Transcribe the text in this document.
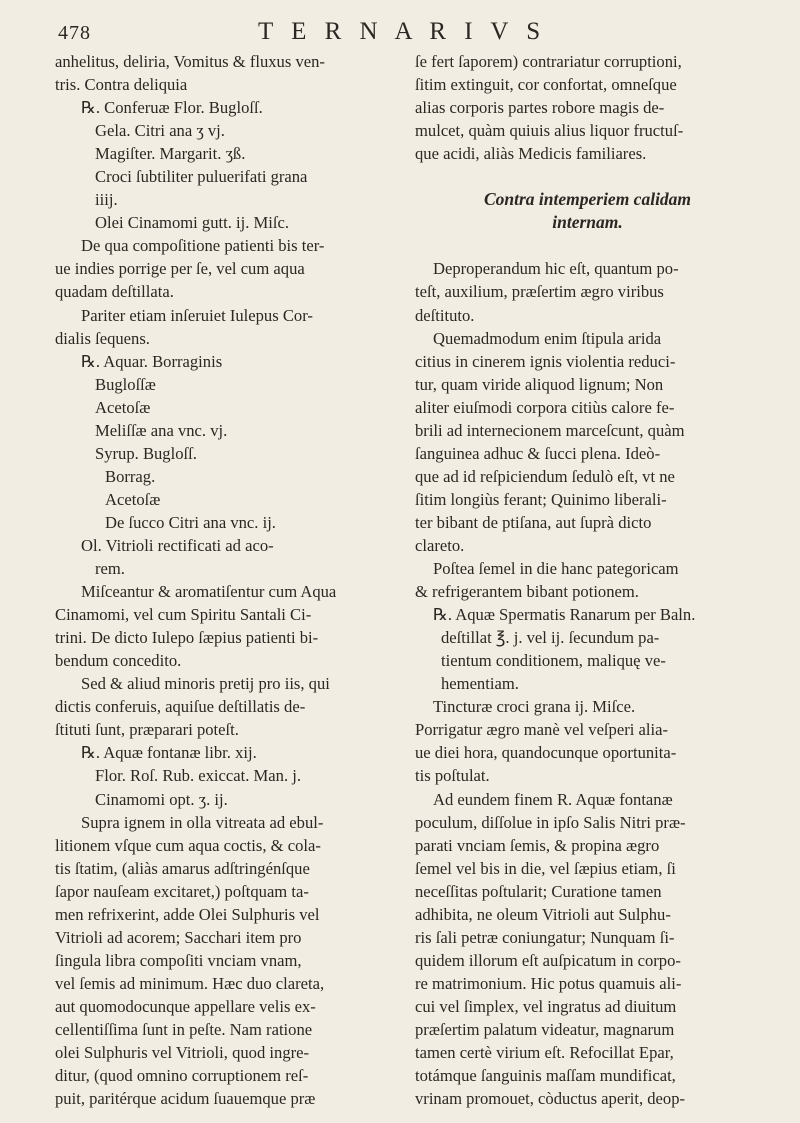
478	T E R N A R I V S
anhelitus, deliria, Vomitus & fluxus ven-
tris. Contra deliquia
℞. Conferuæ Flor. Bugloſſ.
Gela. Citri ana ʒ vj.
Magiſter. Margarit. ʒß.
Croci ſubtiliter puluerifati grana
iiij.
Olei Cinamomi gutt. ij. Miſc.
De qua compoſitione patienti bis ter-
ue indies porrige per ſe, vel cum aqua
quadam deſtillata.
Pariter etiam inſeruiet Iulepus Cor-
dialis ſequens.
℞. Aquar. Borraginis
Bugloſſæ
Acetoſæ
Meliſſæ ana vnc. vj.
Syrup. Bugloſſ.
Borrag.
Acetoſæ
De ſucco Citri ana vnc. ij.
Ol. Vitrioli rectificati ad aco-
rem.
Miſceantur & aromatiſentur cum Aqua
Cinamomi, vel cum Spiritu Santali Ci-
trini. De dicto Iulepo ſæpius patienti bi-
bendum concedito.
Sed & aliud minoris pretij pro iis, qui
dictis conferuis, aquiſue deſtillatis de-
ſtituti ſunt, præparari poteſt.
℞. Aquæ fontanæ libr. xij.
Flor. Roſ. Rub. exiccat. Man. j.
Cinamomi opt. ʒ. ij.
Supra ignem in olla vitreata ad ebul-
litionem vſque cum aqua coctis, & cola-
tis ſtatim, (aliàs amarus adſtringénſque
ſapor nauſeam excitaret,) poſtquam ta-
men refrixerint, adde Olei Sulphuris vel
Vitrioli ad acorem; Sacchari item pro
ſingula libra compoſiti vnciam vnam,
vel ſemis ad minimum. Hæc duo clareta,
aut quomodocunque appellare velis ex-
cellentiſſima ſunt in peſte. Nam ratione
olei Sulphuris vel Vitrioli, quod ingre-
ditur, (quod omnino corruptionem reſ-
puit, paritérque acidum ſuauemque præ
ſe fert ſaporem) contrariatur corruptioni,
ſitim extinguit, cor confortat, omneſque
alias corporis partes robore magis de-
mulcet, quàm quiuis alius liquor fructuſ-
que acidi, aliàs Medicis familiares.
Contra intemperiem calidam
internam.
Deproperandum hic eſt, quantum po-
teſt, auxilium, præſertim ægro viribus
deſtituto.
Quemadmodum enim ſtipula arida
citius in cinerem ignis violentia reduci-
tur, quam viride aliquod lignum; Non
aliter eiuſmodi corpora citiùs calore fe-
brili ad internecionem marceſcunt, quàm
ſanguinea adhuc & ſucci plena. Ideò-
que ad id reſpiciendum ſedulò eſt, vt ne
ſitim longiùs ferant; Quinimo liberali-
ter bibant de ptiſana, aut ſuprà dicto
clareto.
Poſtea ſemel in die hanc pategoricam
& refrigerantem bibant potionem.
℞. Aquæ Spermatis Ranarum per Baln.
deſtillat ℥. j. vel ij. ſecundum pa-
tientum conditionem, maliquę ve-
hementiam.
Tincturæ croci grana ij. Miſce.
Porrigatur ægro manè vel veſperi alia-
ue diei hora, quandocunque oportunita-
tis poſtulat.
Ad eundem finem R. Aquæ fontanæ
poculum, diſſolue in ipſo Salis Nitri præ-
parati vnciam ſemis, & propina ægro
ſemel vel bis in die, vel ſæpius etiam, ſi
neceſſitas poſtularit; Curatione tamen
adhibita, ne oleum Vitrioli aut Sulphu-
ris ſali petræ coniungatur; Nunquam ſi-
quidem illorum eſt auſpicatum in corpo-
re matrimonium. Hic potus quamuis ali-
cui vel ſimplex, vel ingratus ad diuitum
præſertim palatum videatur, magnarum
tamen certè virium eſt. Refocillat Epar,
totámque ſanguinis maſſam mundificat,
vrinam promouet, còductus aperit, deop-
